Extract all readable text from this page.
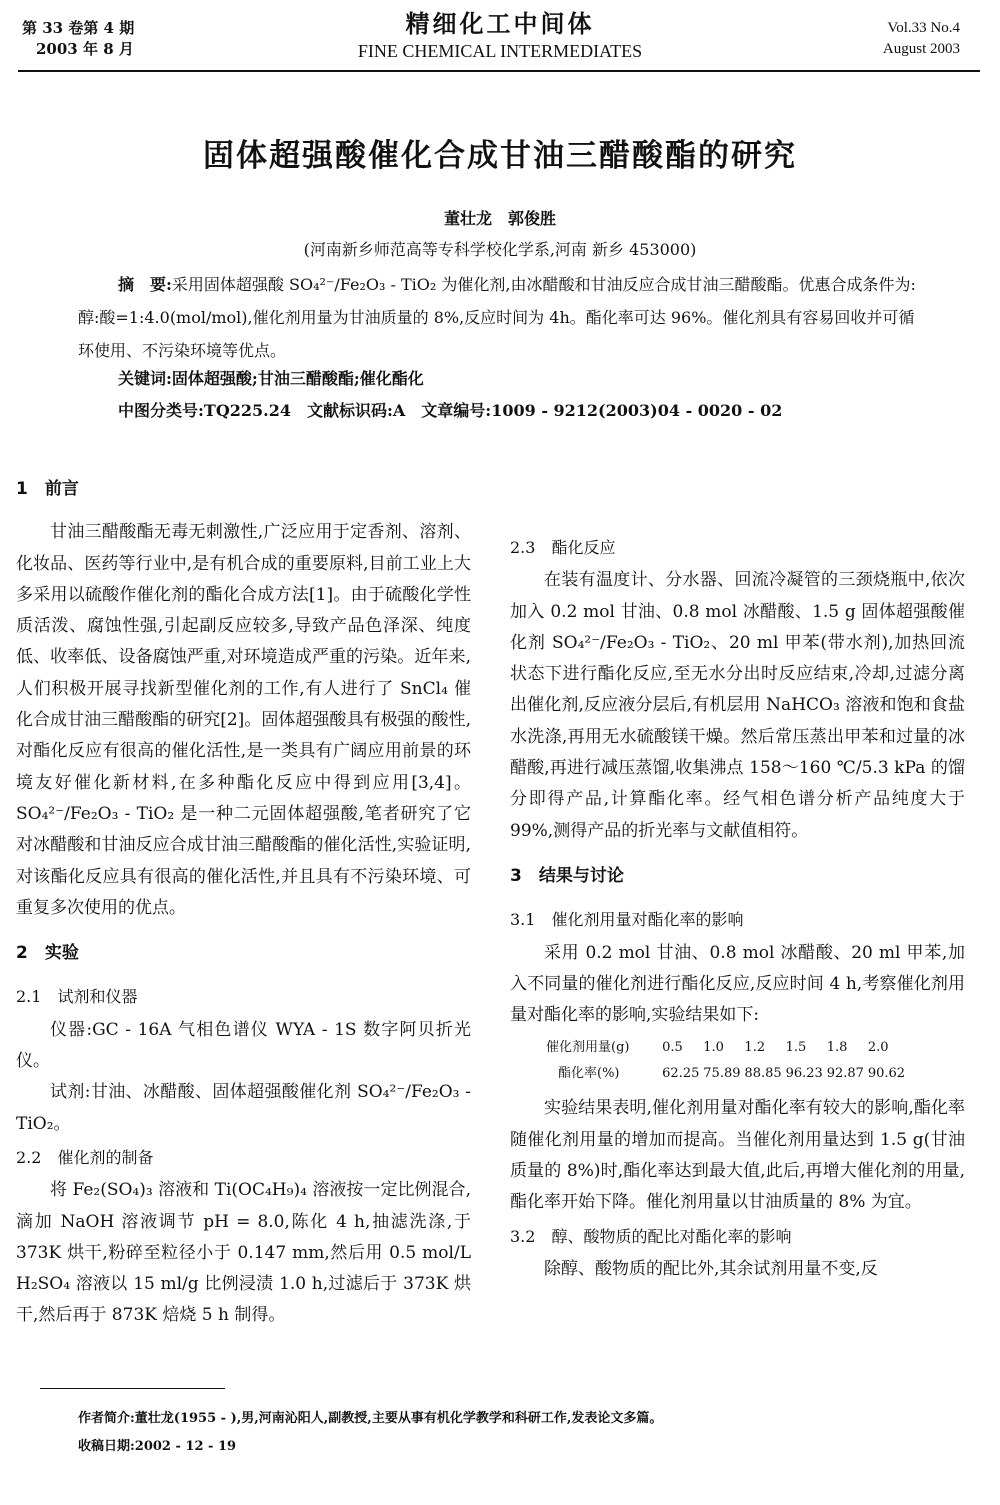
第 33 卷第 4 期
2003 年 8 月
精细化工中间体
FINE CHEMICAL INTERMEDIATES
Vol.33 No.4
August 2003
固体超强酸催化合成甘油三醋酸酯的研究
董壮龙　郭俊胜
(河南新乡师范高等专科学校化学系,河南 新乡 453000)
摘　要:采用固体超强酸 SO₄²⁻/Fe₂O₃ - TiO₂ 为催化剂,由冰醋酸和甘油反应合成甘油三醋酸酯。优惠合成条件为:醇:酸=1:4.0(mol/mol),催化剂用量为甘油质量的 8%,反应时间为 4h。酯化率可达 96%。催化剂具有容易回收并可循环使用、不污染环境等优点。
关键词:固体超强酸;甘油三醋酸酯;催化酯化
中图分类号:TQ225.24　文献标识码:A　文章编号:1009 - 9212(2003)04 - 0020 - 02
1　前言

甘油三醋酸酯无毒无刺激性,广泛应用于定香剂、溶剂、化妆品、医药等行业中,是有机合成的重要原料,目前工业上大多采用以硫酸作催化剂的酯化合成方法[1]。由于硫酸化学性质活泼、腐蚀性强,引起副反应较多,导致产品色泽深、纯度低、收率低、设备腐蚀严重,对环境造成严重的污染。近年来,人们积极开展寻找新型催化剂的工作,有人进行了 SnCl₄ 催化合成甘油三醋酸酯的研究[2]。固体超强酸具有极强的酸性,对酯化反应有很高的催化活性,是一类具有广阔应用前景的环境友好催化新材料,在多种酯化反应中得到应用[3,4]。SO₄²⁻/Fe₂O₃ - TiO₂ 是一种二元固体超强酸,笔者研究了它对冰醋酸和甘油反应合成甘油三醋酸酯的催化活性,实验证明,对该酯化反应具有很高的催化活性,并且具有不污染环境、可重复多次使用的优点。

2　实验
2.1　试剂和仪器

仪器:GC - 16A 气相色谱仪 WYA - 1S 数字阿贝折光仪。

试剂:甘油、冰醋酸、固体超强酸催化剂 SO₄²⁻/Fe₂O₃ - TiO₂。

2.2　催化剂的制备

将 Fe₂(SO₄)₃ 溶液和 Ti(OC₄H₉)₄ 溶液按一定比例混合,滴加 NaOH 溶液调节 pH = 8.0,陈化 4 h,抽滤洗涤,于 373K 烘干,粉碎至粒径小于 0.147 mm,然后用 0.5 mol/L H₂SO₄ 溶液以 15 ml/g 比例浸渍 1.0 h,过滤后于 373K 烘干,然后再于 873K 焙烧 5 h 制得。

2.3　酯化反应

在装有温度计、分水器、回流冷凝管的三颈烧瓶中,依次加入 0.2 mol 甘油、0.8 mol 冰醋酸、1.5 g 固体超强酸催化剂 SO₄²⁻/Fe₂O₃ - TiO₂、20 ml 甲苯(带水剂),加热回流状态下进行酯化反应,至无水分出时反应结束,冷却,过滤分离出催化剂,反应液分层后,有机层用 NaHCO₃ 溶液和饱和食盐水洗涤,再用无水硫酸镁干燥。然后常压蒸出甲苯和过量的冰醋酸,再进行减压蒸馏,收集沸点 158～160 ℃/5.3 kPa 的馏分即得产品,计算酯化率。经气相色谱分析产品纯度大于 99%,测得产品的折光率与文献值相符。

3　结果与讨论
3.1　催化剂用量对酯化率的影响

采用 0.2 mol 甘油、0.8 mol 冰醋酸、20 ml 甲苯,加入不同量的催化剂进行酯化反应,反应时间 4 h,考察催化剂用量对酯化率的影响,实验结果如下:

催化剂用量(g)	0.5 1.0 1.2 1.5 1.8 2.0
酯化率(%)	62.25 75.89 88.85 96.23 92.87 90.62

实验结果表明,催化剂用量对酯化率有较大的影响,酯化率随催化剂用量的增加而提高。当催化剂用量达到 1.5 g(甘油质量的 8%)时,酯化率达到最大值,此后,再增大催化剂的用量,酯化率开始下降。催化剂用量以甘油质量的 8% 为宜。

3.2　醇、酸物质的配比对酯化率的影响

除醇、酸物质的配比外,其余试剂用量不变,反

作者简介:董壮龙(1955 - ),男,河南沁阳人,副教授,主要从事有机化学教学和科研工作,发表论文多篇。
收稿日期:2002 - 12 - 19
